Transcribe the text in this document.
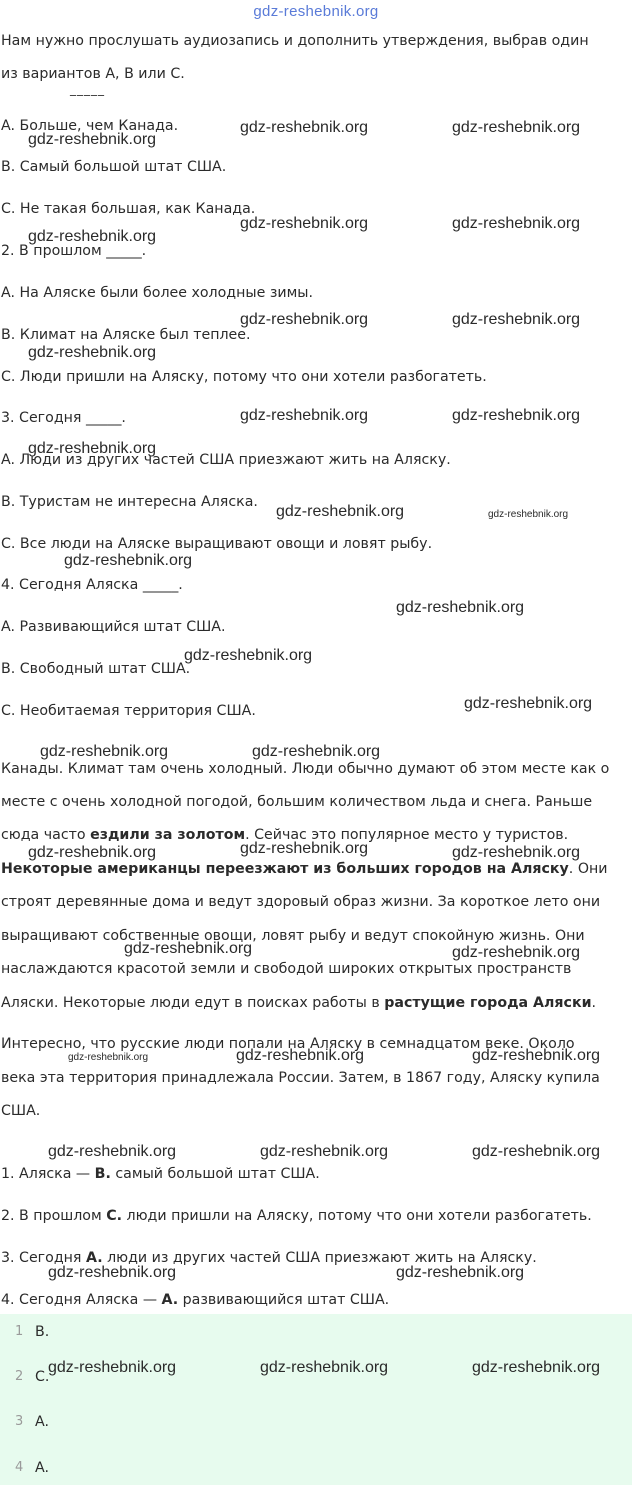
gdz-reshebnik.org
Нам нужно прослушать аудиозапись и дополнить утверждения, выбрав один
из вариантов А, В или С.
_____
A. Больше, чем Канада.
B. Самый большой штат США.
C. Не такая большая, как Канада.
2. В прошлом _____.
A. На Аляске были более холодные зимы.
B. Климат на Аляске был теплее.
C. Люди пришли на Аляску, потому что они хотели разбогатеть.
3. Сегодня _____.
A. Люди из других частей США приезжают жить на Аляску.
B. Туристам не интересна Аляска.
C. Все люди на Аляске выращивают овощи и ловят рыбу.
4. Сегодня Аляска _____.
A. Развивающийся штат США.
B. Свободный штат США.
C. Необитаемая территория США.
Канады. Климат там очень холодный. Люди обычно думают об этом месте как о
месте с очень холодной погодой, большим количеством льда и снега. Раньше
сюда часто ездили за золотом. Сейчас это популярное место у туристов.
Некоторые американцы переезжают из больших городов на Аляску. Они
строят деревянные дома и ведут здоровый образ жизни. За короткое лето они
выращивают собственные овощи, ловят рыбу и ведут спокойную жизнь. Они
наслаждаются красотой земли и свободой широких открытых пространств
Аляски. Некоторые люди едут в поисках работы в растущие города Аляски.
Интересно, что русские люди попали на Аляску в семнадцатом веке. Около
века эта территория принадлежала России. Затем, в 1867 году, Аляску купила
США.
1. Аляска — B. самый большой штат США.
2. В прошлом C. люди пришли на Аляску, потому что они хотели разбогатеть.
3. Сегодня A. люди из других частей США приезжают жить на Аляску.
4. Сегодня Аляска — A. развивающийся штат США.
1 B.
2 C.
3 A.
4 A.
gdz-reshebnik.org	gdz-reshebnik.org
gdz-reshebnik.org
gdz-reshebnik.org	gdz-reshebnik.org
gdz-reshebnik.org
gdz-reshebnik.org	gdz-reshebnik.org
gdz-reshebnik.org
gdz-reshebnik.org	gdz-reshebnik.org
gdz-reshebnik.org
gdz-reshebnik.org	gdz-reshebnik.org
gdz-reshebnik.org
gdz-reshebnik.org
gdz-reshebnik.org
gdz-reshebnik.org
gdz-reshebnik.org	gdz-reshebnik.org
gdz-reshebnik.org
gdz-reshebnik.org	gdz-reshebnik.org
gdz-reshebnik.org	gdz-reshebnik.org
gdz-reshebnik.org	gdz-reshebnik.org	gdz-reshebnik.org
gdz-reshebnik.org	gdz-reshebnik.org	gdz-reshebnik.org
gdz-reshebnik.org	gdz-reshebnik.org
gdz-reshebnik.org	gdz-reshebnik.org	gdz-reshebnik.org
